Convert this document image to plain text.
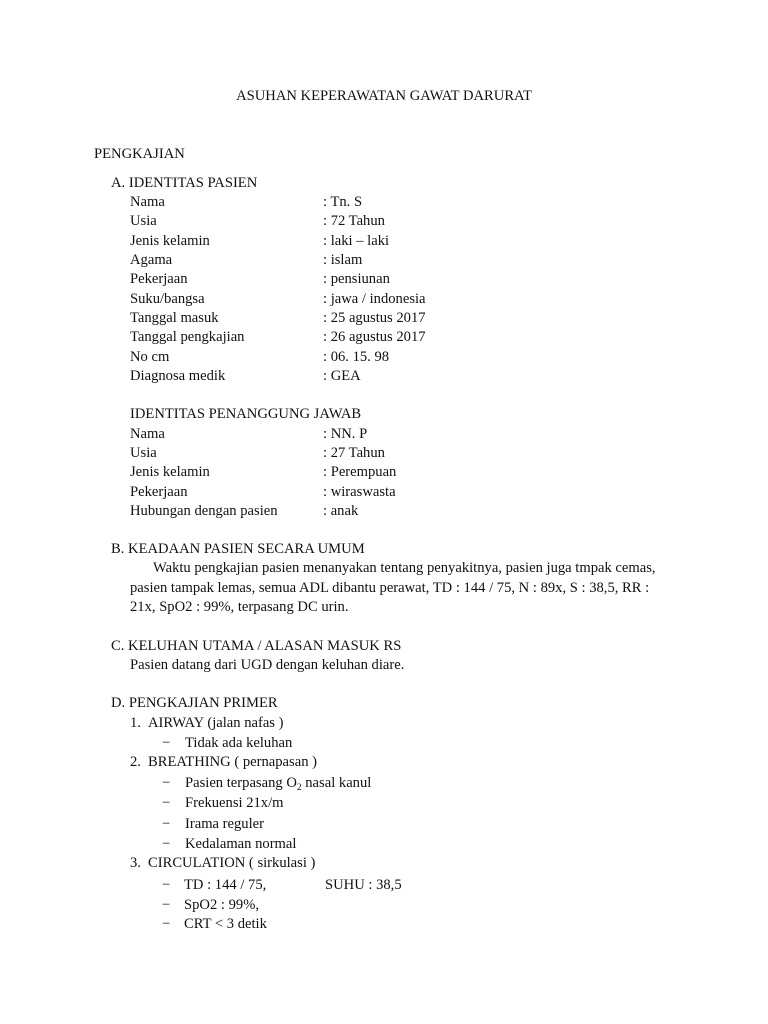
ASUHAN KEPERAWATAN GAWAT DARURAT
PENGKAJIAN
A. IDENTITAS PASIEN
Nama	: Tn. S
Usia	: 72 Tahun
Jenis kelamin	: laki – laki
Agama	: islam
Pekerjaan	: pensiunan
Suku/bangsa	: jawa / indonesia
Tanggal masuk	: 25 agustus 2017
Tanggal pengkajian	: 26 agustus 2017
No cm	: 06. 15. 98
Diagnosa medik	: GEA
IDENTITAS PENANGGUNG JAWAB
Nama	: NN. P
Usia	: 27 Tahun
Jenis kelamin	: Perempuan
Pekerjaan	: wiraswasta
Hubungan dengan pasien	: anak
B. KEADAAN PASIEN SECARA UMUM
Waktu pengkajian pasien menanyakan tentang penyakitnya, pasien juga tmpak cemas, pasien tampak lemas, semua ADL dibantu perawat, TD : 144 / 75, N : 89x, S : 38,5, RR : 21x, SpO2 : 99%, terpasang DC urin.
C. KELUHAN UTAMA / ALASAN MASUK RS
Pasien datang dari UGD dengan keluhan diare.
D. PENGKAJIAN PRIMER
1. AIRWAY (jalan nafas )
− Tidak ada keluhan
2. BREATHING ( pernapasan )
− Pasien terpasang $O_2$ nasal kanul
− Frekuensi 21x/m
− Irama reguler
− Kedalaman normal
3. CIRCULATION ( sirkulasi )
− TD : 144 / 75,	SUHU : 38,5
− SpO2 : 99%,
− CRT < 3 detik
